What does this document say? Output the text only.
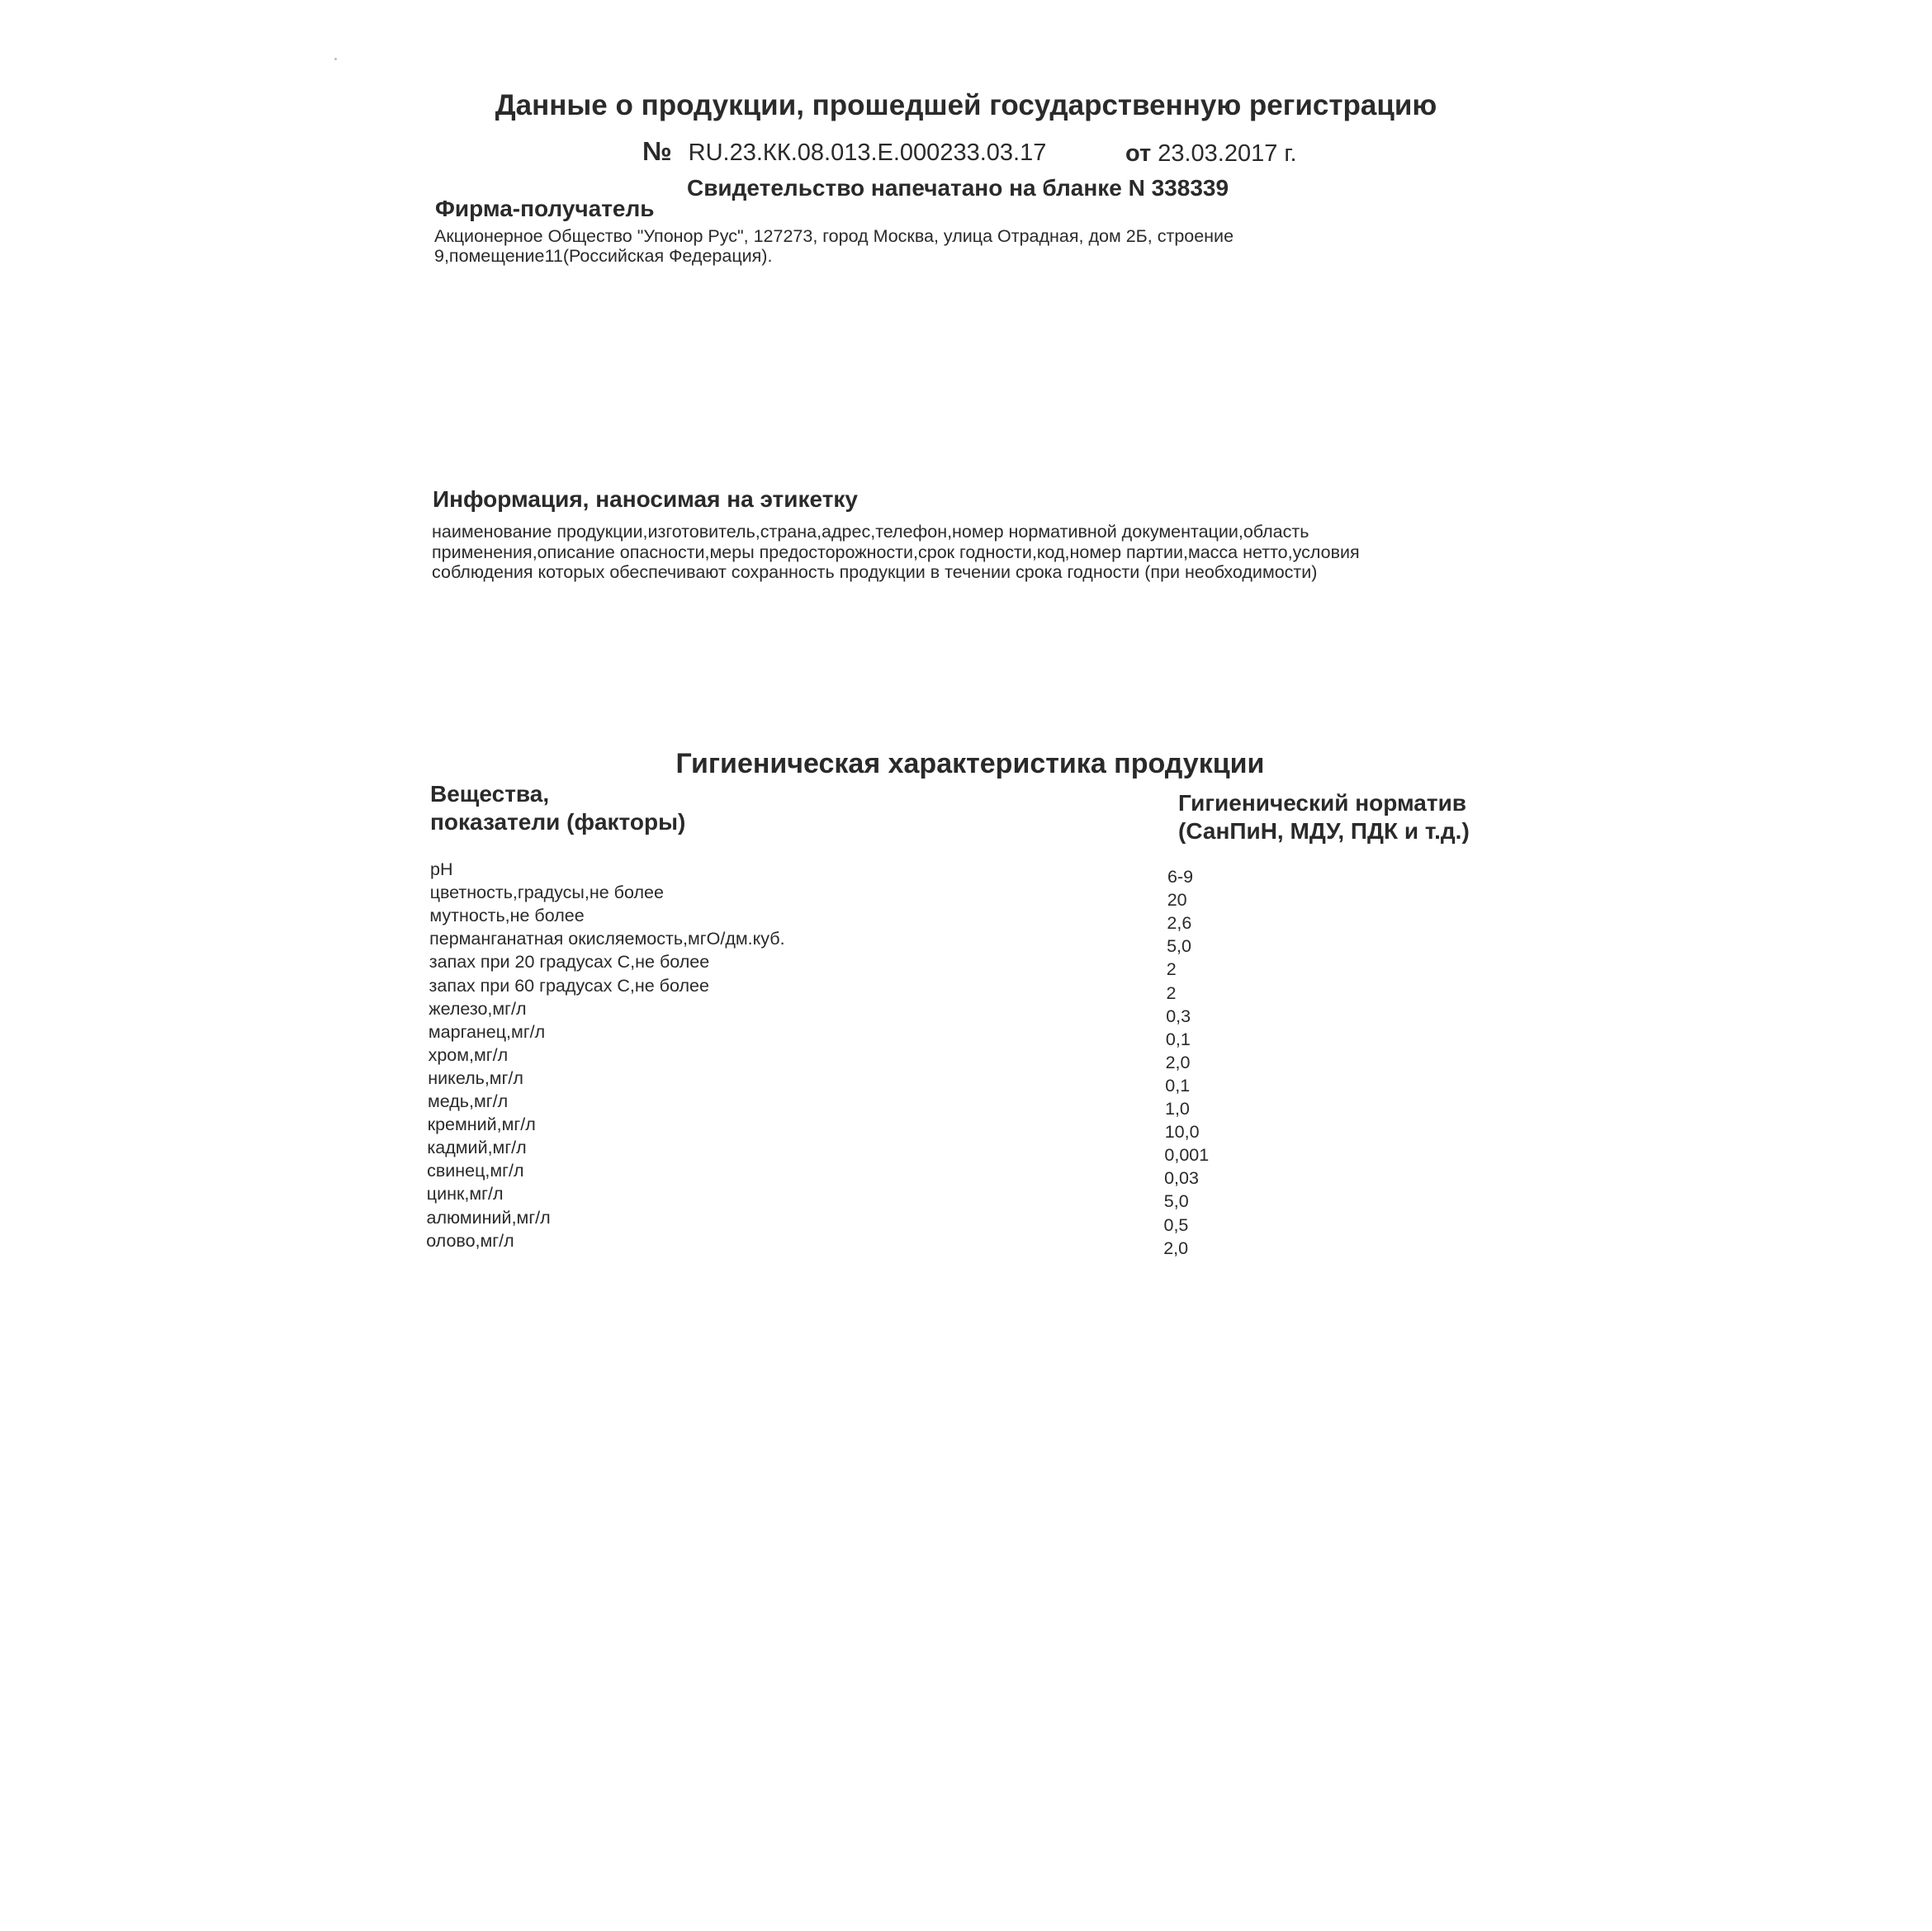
Данные о продукции, прошедшей государственную регистрацию
№ RU.23.КК.08.013.Е.000233.03.17	от 23.03.2017 г.
Свидетельство напечатано на бланке N 338339
Фирма-получатель
Акционерное Общество "Упонор Рус", 127273, город Москва, улица Отрадная, дом 2Б, строение 9,помещение11(Российская Федерация).
Информация, наносимая на этикетку
наименование продукции,изготовитель,страна,адрес,телефон,номер нормативной документации,область применения,описание опасности,меры предосторожности,срок годности,код,номер партии,масса нетто,условия соблюдения которых обеспечивают сохранность продукции в течении срока годности (при необходимости)
Гигиеническая характеристика продукции
Вещества,
показатели (факторы)
Гигиенический норматив
(СанПиН, МДУ, ПДК и т.д.)
pH	6-9
цветность,градусы,не более	20
мутность,не более	2,6
перманганатная окисляемость,мгО/дм.куб.	5,0
запах при 20 градусах С,не более	2
запах при 60 градусах С,не более	2
железо,мг/л	0,3
марганец,мг/л	0,1
хром,мг/л	2,0
никель,мг/л	0,1
медь,мг/л	1,0
кремний,мг/л	10,0
кадмий,мг/л	0,001
свинец,мг/л	0,03
цинк,мг/л	5,0
алюминий,мг/л	0,5
олово,мг/л	2,0
